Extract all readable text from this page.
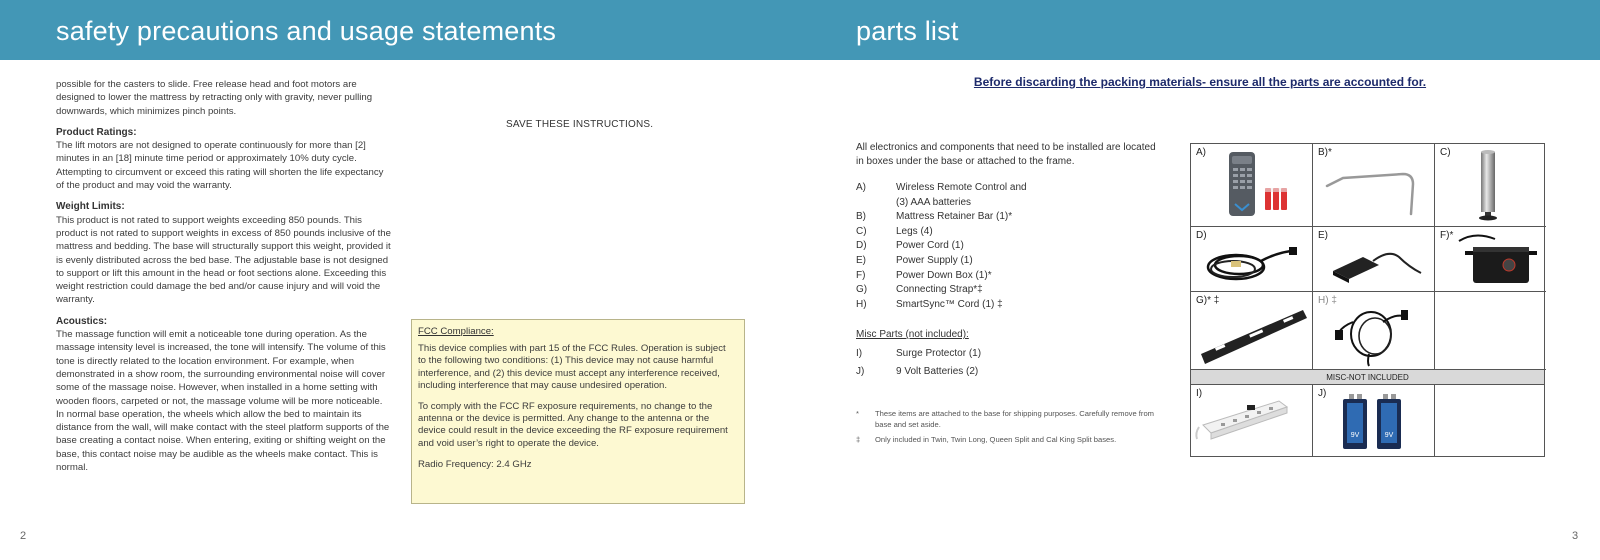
safety precautions and usage statements	parts list

possible for the casters to slide. Free release head and foot motors are designed to lower the mattress by retracting only with gravity, never pulling downwards, which minimizes pinch points.

Product Ratings:

The lift motors are not designed to operate continuously for more than [2] minutes in an [18] minute time period or approximately 10% duty cycle. Attempting to circumvent or exceed this rating will shorten the life expectancy of the product and may void the warranty.

Weight Limits:

This product is not rated to support weights exceeding 850 pounds. This product is not rated to support weights in excess of 850 pounds inclusive of the mattress and bedding. The base will structurally support this weight, provided it is evenly distributed across the bed base. The adjustable base is not designed to support or lift this amount in the head or foot sections alone. Exceeding this weight restriction could damage the bed and/or cause injury and will void the warranty.

Acoustics:

The massage function will emit a noticeable tone during operation. As the massage intensity level is increased, the tone will intensify. The volume of this tone is directly related to the location environment. For example, when demonstrated in a show room, the surrounding environmental noise will cover some of the massage noise. However, when installed in a home setting with wooden floors, carpeted or not, the massage volume will be more noticeable. In normal base operation, the wheels which allow the bed to maintain its distance from the wall, will make contact with the steel platform supports of the base creating a contact noise. When entering, exiting or shifting weight on the base, this contact noise may be audible as the wheels make contact. This is normal.

SAVE THESE INSTRUCTIONS.
FCC Compliance:

This device complies with part 15 of the FCC Rules. Operation is subject to the following two conditions: (1) This device may not cause harmful interference, and (2) this device must accept any interference received, including interference that may cause undesired operation.

To comply with the FCC RF exposure requirements, no change to the antenna or the device is permitted. Any change to the antenna or the device could result in the device exceeding the RF exposure requirement and void user’s right to operate the device.

Radio Frequency: 2.4 GHz

2
Before discarding the packing materials- ensure all the parts are accounted for.
All electronics and components that need to be installed are located in boxes under the base or attached to the frame.
A)	Wireless Remote Control and
(3) AAA batteries
B)	Mattress Retainer Bar (1)*
C)	Legs (4)
D)	Power Cord (1)
E)	Power Supply (1)
F)	Power Down Box (1)*
G)	Connecting Strap*‡
H)	SmartSync™ Cord (1) ‡
Misc Parts (not included):
I)	Surge Protector (1)
J)	9 Volt Batteries (2)
*	These items are attached to the base for shipping purposes. Carefully remove from base and set aside.
‡	Only included in Twin, Twin Long, Queen Split and Cal King Split bases.
A)	B)*	C)
D)	E)	F)*
G)* ‡	H) ‡
MISC-NOT INCLUDED
I)	J)
9V	9V
3
